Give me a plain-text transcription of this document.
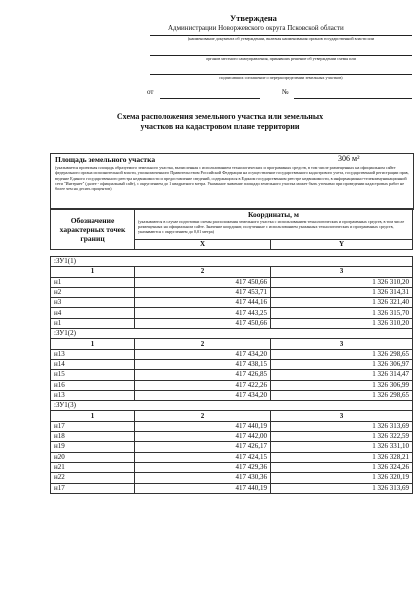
Утверждена
Администрации Новоржевского округа Псковской области
(наименование документа об утверждении, включая наименования органов государственной власти или
органов местного самоуправления, принявших решение об утверждении схемы или
подписавших соглашение о перераспределении земельных участков)
от	№
Схема расположения земельного участка или земельных
участков на кадастровом плане территории
Площадь земельного участка	306 м²
(указывается проектная площадь образуемого земельного участка, вычисленная с использованием технологических и программных средств, в том числе размещенных на официальном сайте федерального органа исполнительной власти, уполномоченного Правительством Российской Федерации на осуществление государственного кадастрового учета, государственной регистрации прав, ведение Единого государственного реестра недвижимости и предоставление сведений, содержащихся в Едином государственном реестре недвижимости, в информационно-телекоммуникационной сети "Интернет" (далее - официальный сайт), с округлением до 1 квадратного метра. Указанное значение площади земельного участка может быть уточнено при проведении кадастровых работ не более чем на десять процентов)
Обозначение характерных точек границ	Координаты, м
(указываются в случае подготовки схемы расположения земельного участка с использованием технологических и программных средств, в том числе размещенных на официальном сайте. Значение координат, полученные с использованием указанных технологических и программных средств, указываются с округлением до 0,01 метра)	

	X	Y
:ЗУ1(1)		
1	2	3
н1	417 450,66	1 326 310,20
н2	417 453,71	1 326 314,31
н3	417 444,16	1 326 321,40
н4	417 443,25	1 326 315,70
н1	417 450,66	1 326 310,20
:ЗУ1(2)		
1	2	3
н13	417 434,20	1 326 298,65
н14	417 438,15	1 326 306,97
н15	417 426,85	1 326 314,47
н16	417 422,26	1 326 306,99
н13	417 434,20	1 326 298,65
:ЗУ1(3)		
1	2	3
н17	417 440,19	1 326 313,69
н18	417 442,00	1 326 322,59
н19	417 426,17	1 326 331,10
н20	417 424,15	1 326 328,21
н21	417 429,36	1 326 324,26
н22	417 430,36	1 326 320,19
н17	417 440,19	1 326 313,69
